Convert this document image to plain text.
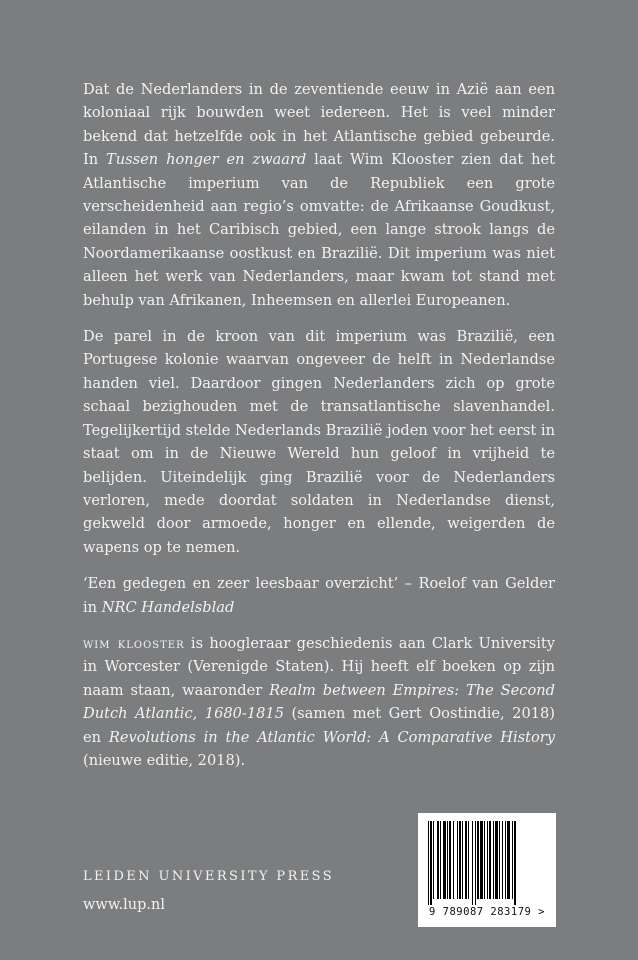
Dat de Nederlanders in de zeventiende eeuw in Azië aan een koloniaal rijk bouwden weet iedereen. Het is veel minder bekend dat hetzelfde ook in het Atlantische gebied gebeurde. In Tussen honger en zwaard laat Wim Klooster zien dat het Atlantische imperium van de Republiek een grote verscheidenheid aan regio’s omvatte: de Afrikaanse Goudkust, eilanden in het Caribisch gebied, een lange strook langs de Noordamerikaanse oostkust en Brazilië. Dit imperium was niet alleen het werk van Nederlanders, maar kwam tot stand met behulp van Afrikanen, Inheemsen en allerlei Europeanen.

De parel in de kroon van dit imperium was Brazilië, een Portugese kolonie waarvan ongeveer de helft in Nederlandse handen viel. Daardoor gingen Nederlanders zich op grote schaal bezighouden met de transatlantische slavenhandel. Tegelijkertijd stelde Nederlands Brazilië joden voor het eerst in staat om in de Nieuwe Wereld hun geloof in vrijheid te belijden. Uiteindelijk ging Brazilië voor de Nederlanders verloren, mede doordat soldaten in Nederlandse dienst, gekweld door armoede, honger en ellende, weigerden de wapens op te nemen.

‘Een gedegen en zeer leesbaar overzicht’ – Roelof van Gelder in NRC Handelsblad

wim klooster is hoogleraar geschiedenis aan Clark University in Worcester (Verenigde Staten). Hij heeft elf boeken op zijn naam staan, waaronder Realm between Empires: The Second Dutch Atlantic, 1680-1815 (samen met Gert Oostindie, 2018) en Revolutions in the Atlantic World: A Comparative History (nieuwe editie, 2018).

LEIDEN UNIVERSITY PRESS
www.lup.nl	9 789087 283179 >
